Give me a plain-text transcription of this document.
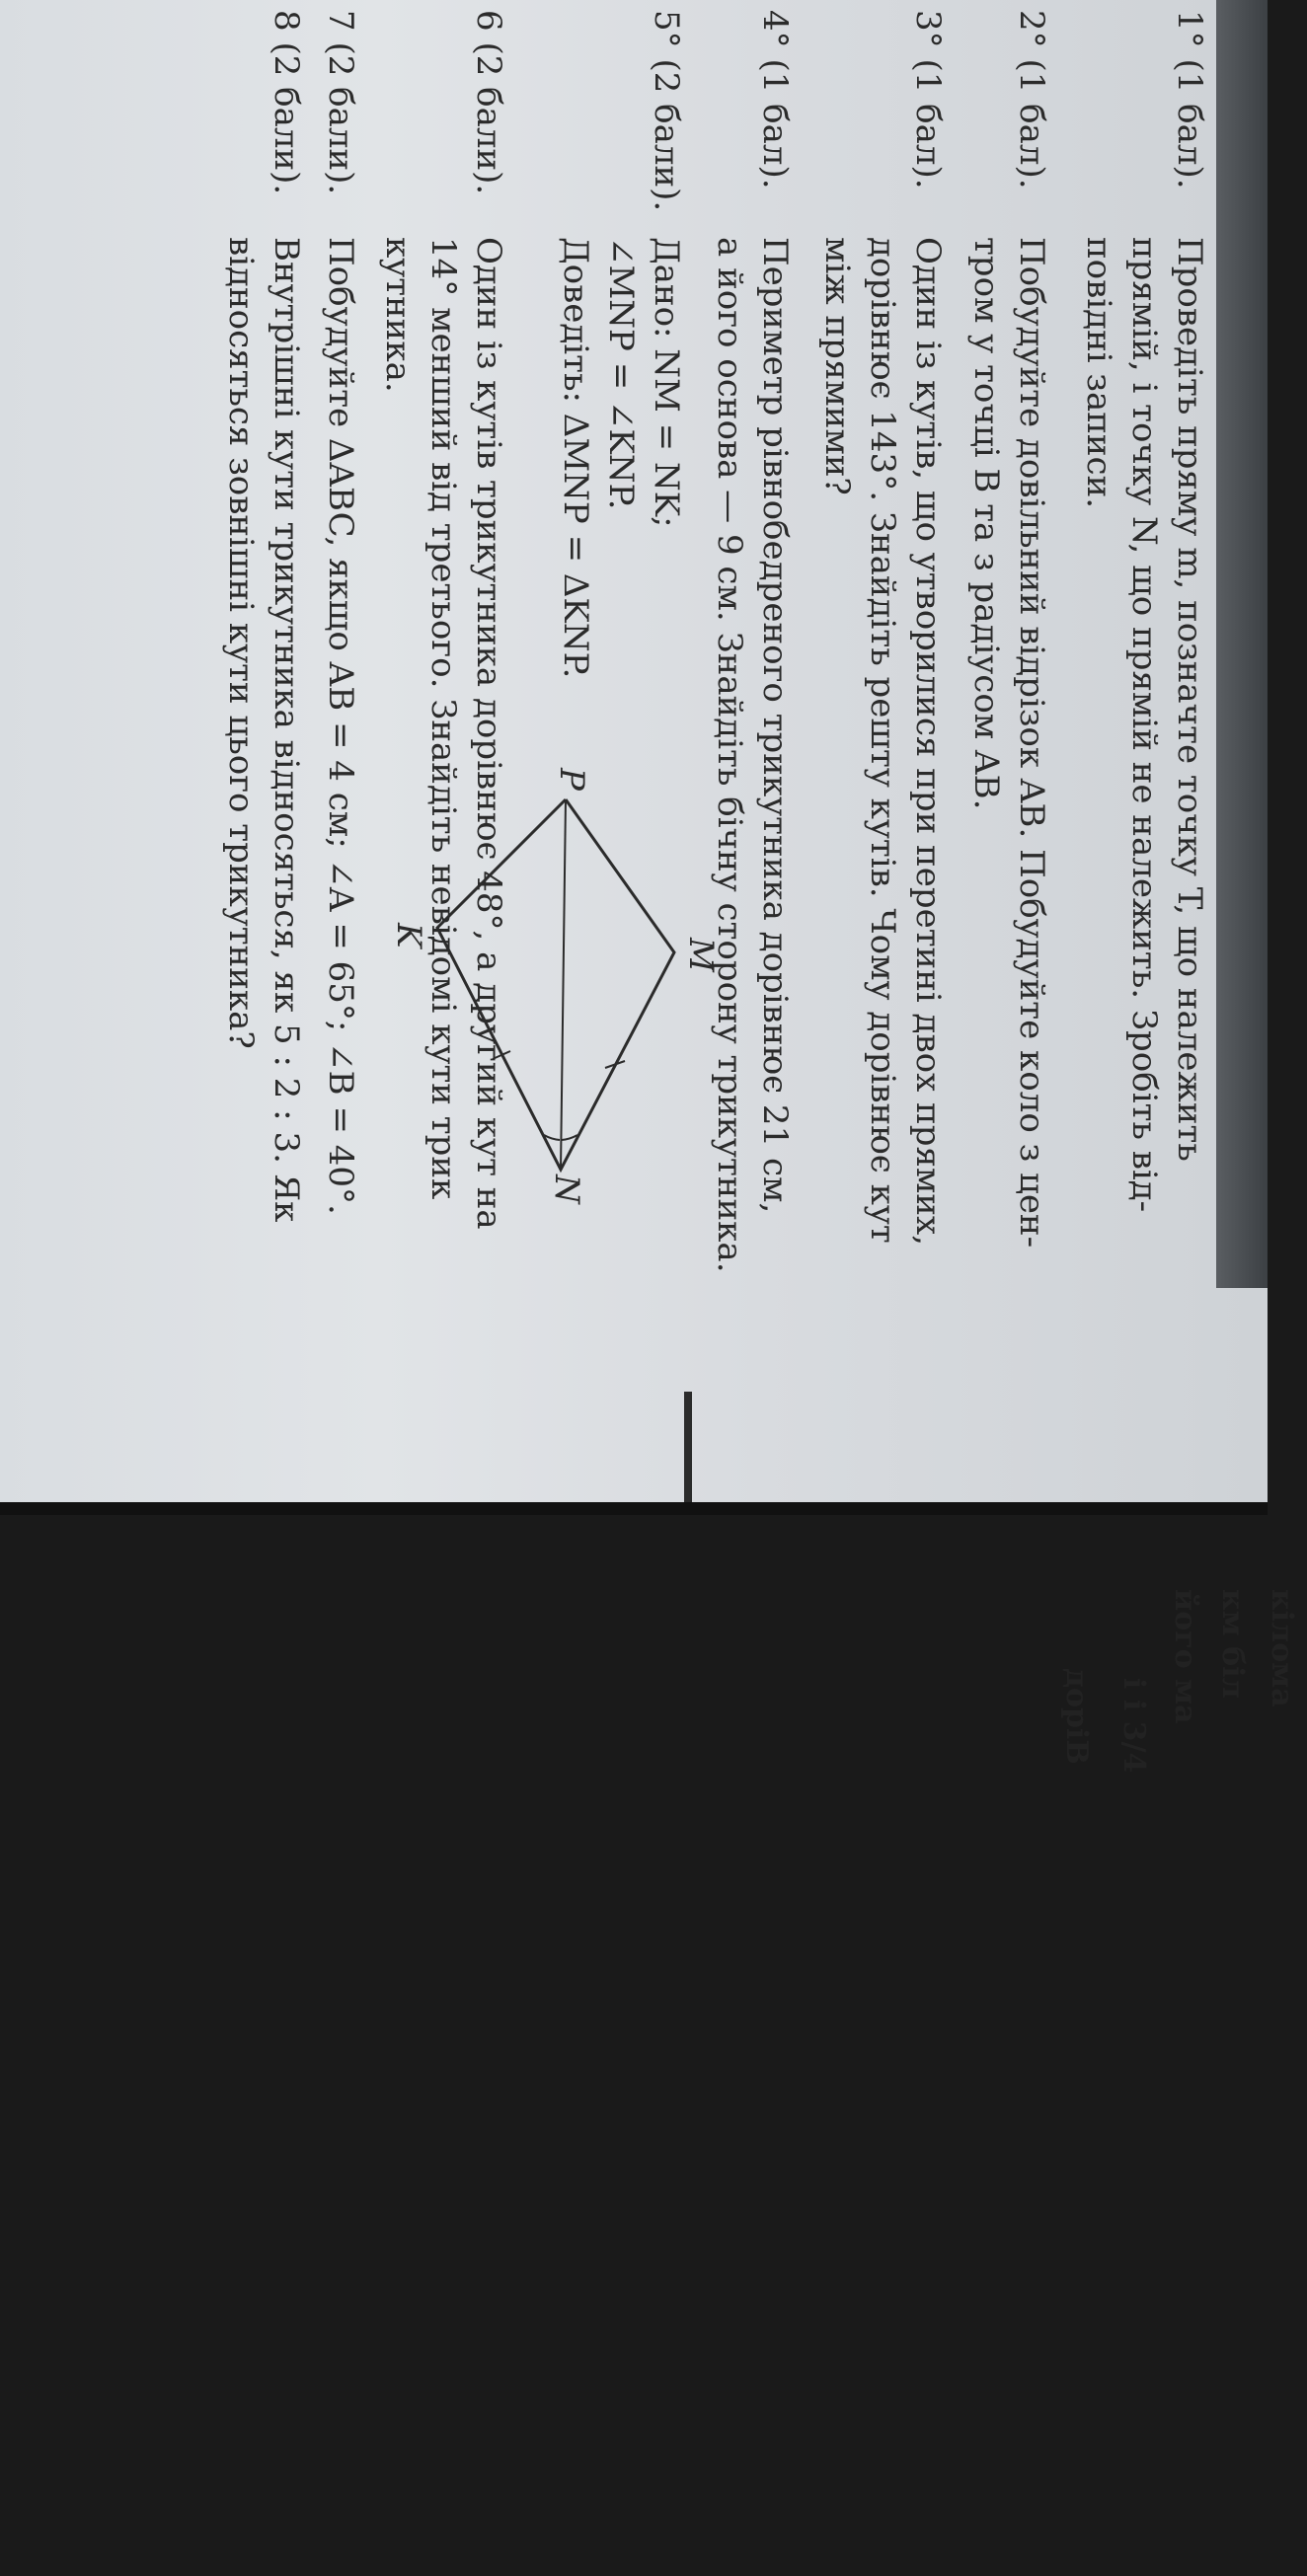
1° (1 бал).
Проведіть пряму m, позначте точку T, що належить
прямій, і точку N, що прямій не належить. Зробіть від-
повідні записи.
2° (1 бал).
Побудуйте довільний відрізок AB. Побудуйте коло з цен-
тром у точці B та з радіусом AB.
3° (1 бал).
Один із кутів, що утворилися при перетині двох прямих,
дорівнює 143°. Знайдіть решту кутів. Чому дорівнює кут
між прямими?
4° (1 бал).
Периметр рівнобедреного трикутника дорівнює 21 см,
а його основа — 9 см. Знайдіть бічну сторону трикутника.
5° (2 бали).
Дано: NM = NK;
∠MNP = ∠KNP.
Доведіть: ΔMNP = ΔKNP.
P
M
K
N
6 (2 бали).
Один із кутів трикутника дорівнює 48°, а другий кут на
14° менший від третього. Знайдіть невідомі кути трик
кутника.
7 (2 бали).
Побудуйте ΔABC, якщо AB = 4 см; ∠A = 65°; ∠B = 40°.
8 (2 бали).
Внутрішні кути трикутника відносяться, як 5 : 2 : 3. Як
відносяться зовнішні кути цього трикутника?
доріВ і і 3/4
його ма км біл кілома
